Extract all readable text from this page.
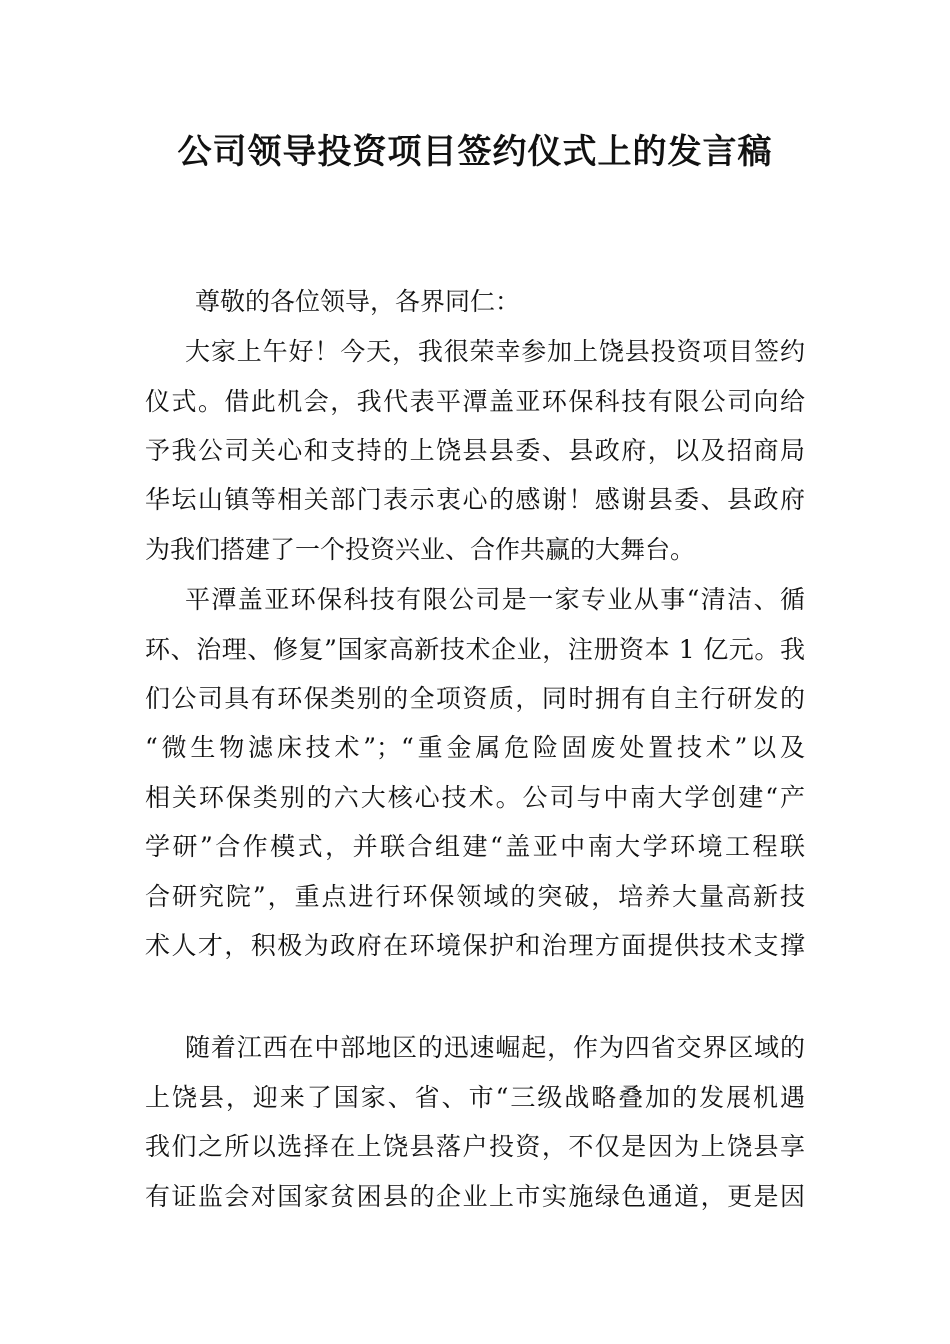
公司领导投资项目签约仪式上的发言稿

尊敬的各位领导，各界同仁：

大家上午好！今天，我很荣幸参加上饶县投资项目签约

仪式。借此机会，我代表平潭盖亚环保科技有限公司向给

予我公司关心和支持的上饶县县委、县政府，以及招商局

华坛山镇等相关部门表示衷心的感谢！感谢县委、县政府

为我们搭建了一个投资兴业、合作共赢的大舞台。

平潭盖亚环保科技有限公司是一家专业从事“清洁、循

环、治理、修复”国家高新技术企业，注册资本 1 亿元。我

们公司具有环保类别的全项资质，同时拥有自主行研发的

“微生物滤床技术”；“重金属危险固废处置技术”以及

相关环保类别的六大核心技术。公司与中南大学创建“产

学研”合作模式，并联合组建“盖亚中南大学环境工程联

合研究院”，重点进行环保领域的突破，培养大量高新技

术人才，积极为政府在环境保护和治理方面提供技术支撑

随着江西在中部地区的迅速崛起，作为四省交界区域的

上饶县，迎来了国家、省、市“三级战略叠加的发展机遇

我们之所以选择在上饶县落户投资，不仅是因为上饶县享

有证监会对国家贫困县的企业上市实施绿色通道，更是因
